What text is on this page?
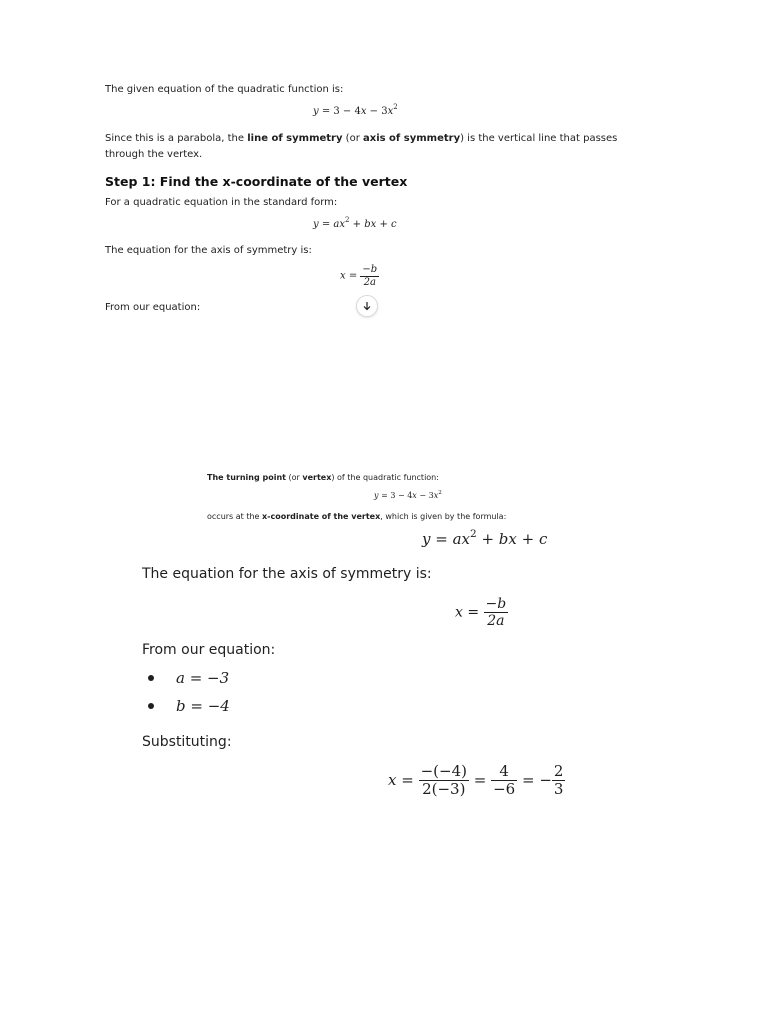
The given equation of the quadratic function is:
$y = 3 - 4x - 3x^2$
Since this is a parabola, the line of symmetry (or axis of symmetry) is the vertical line that passes
through the vertex.
Step 1: Find the x-coordinate of the vertex
For a quadratic equation in the standard form:
$y = ax^2$ + bx + c
The equation for the axis of symmetry is:
$x = \frac{-b}{2a}$
From our equation:
The turning point (or vertex) of the quadratic function:
$y = 3 - 4x - 3x^2$
occurs at the x-coordinate of the vertex, which is given by the formula:
$y = ax^2$ + bx + c
The equation for the axis of symmetry is:
$x = \frac{-b}{2a}$
From our equation:
a = −3
b = −4
Substituting:
$x = \frac{-(-4)}{2(-3)} = \frac{4}{-6}$ = − $\frac{2}{3}$
